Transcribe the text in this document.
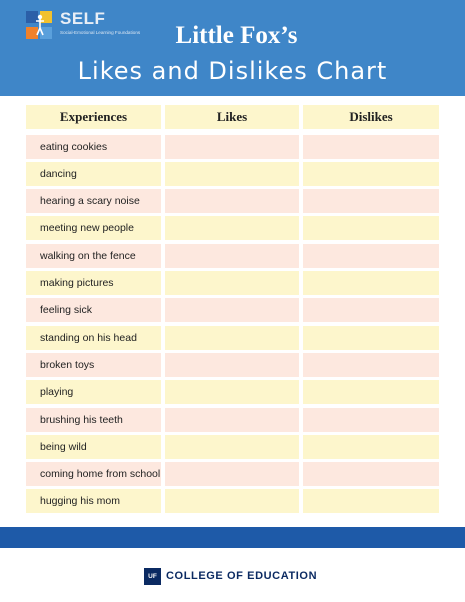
SELF
Social-Emotional Learning Foundations	Little Fox’s
Likes and Dislikes Chart
Experiences	Likes	Dislikes
eating cookies
dancing
hearing a scary noise
meeting new people
walking on the fence
making pictures
feeling sick
standing on his head
broken toys
playing
brushing his teeth
being wild
coming home from school
hugging his mom
UF COLLEGE OF EDUCATION
